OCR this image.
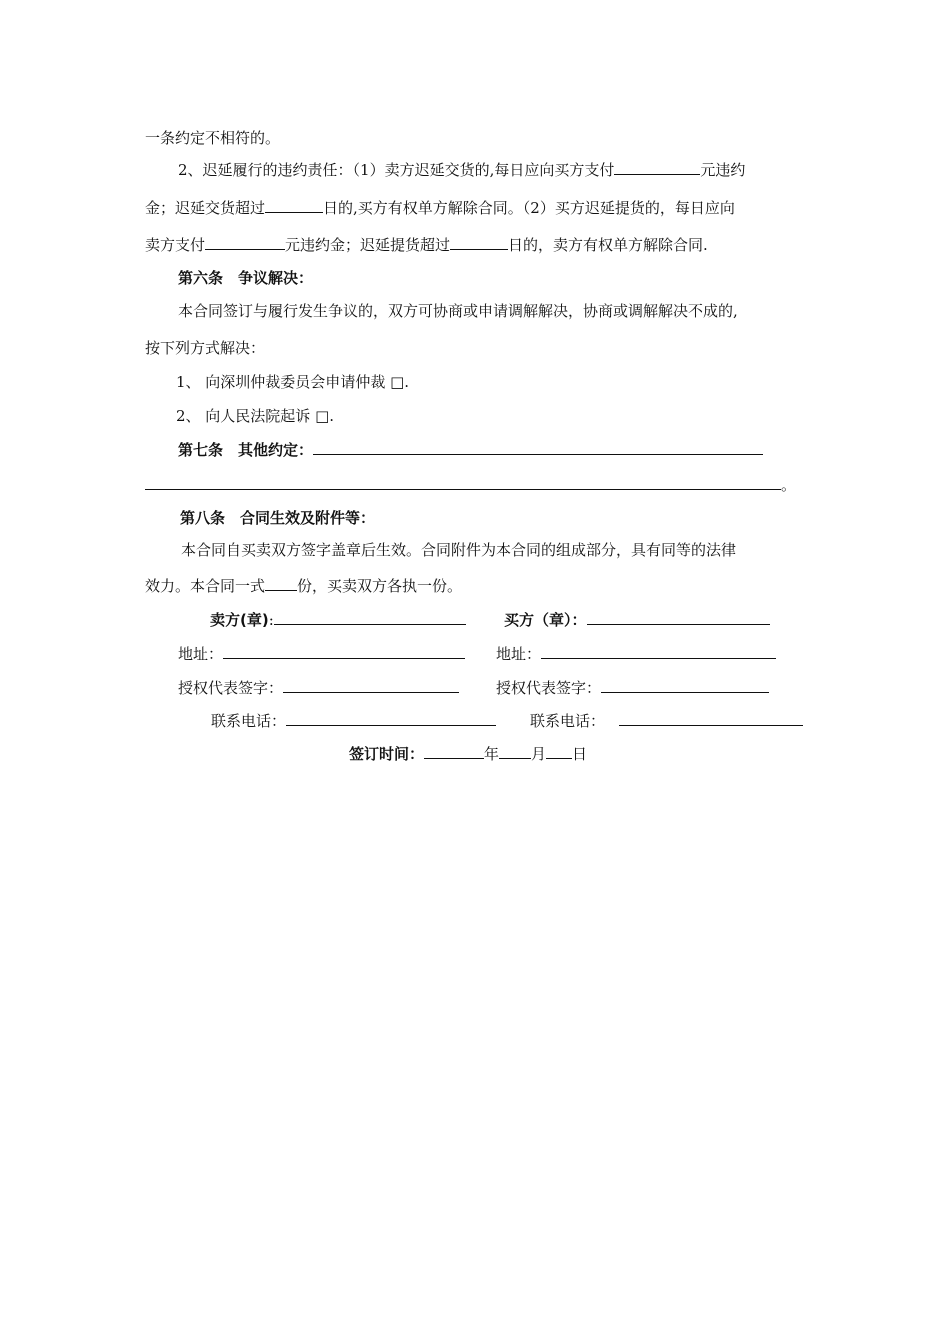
一条约定不相符的。
2、迟延履行的违约责任：（1）卖方迟延交货的,每日应向买方支付	元违约
金；迟延交货超过	日的,买方有权单方解除合同。（2）买方迟延提货的，每日应向
卖方支付	元违约金；迟延提货超过	日的，卖方有权单方解除合同.
第六条　争议解决：
本合同签订与履行发生争议的，双方可协商或申请调解解决，协商或调解解决不成的,
按下列方式解决：
1、 向深圳仲裁委员会申请仲裁 □.
2、 向人民法院起诉 □.
第七条　其他约定：
。
第八条　合同生效及附件等：
本合同自买卖双方签字盖章后生效。合同附件为本合同的组成部分，具有同等的法律
效力。本合同一式 份，买卖双方各执一份。
卖方(章):	买方（章）：
地址：	地址：
授权代表签字：	授权代表签字：
联系电话：	联系电话：
签订时间：	年 月 日
